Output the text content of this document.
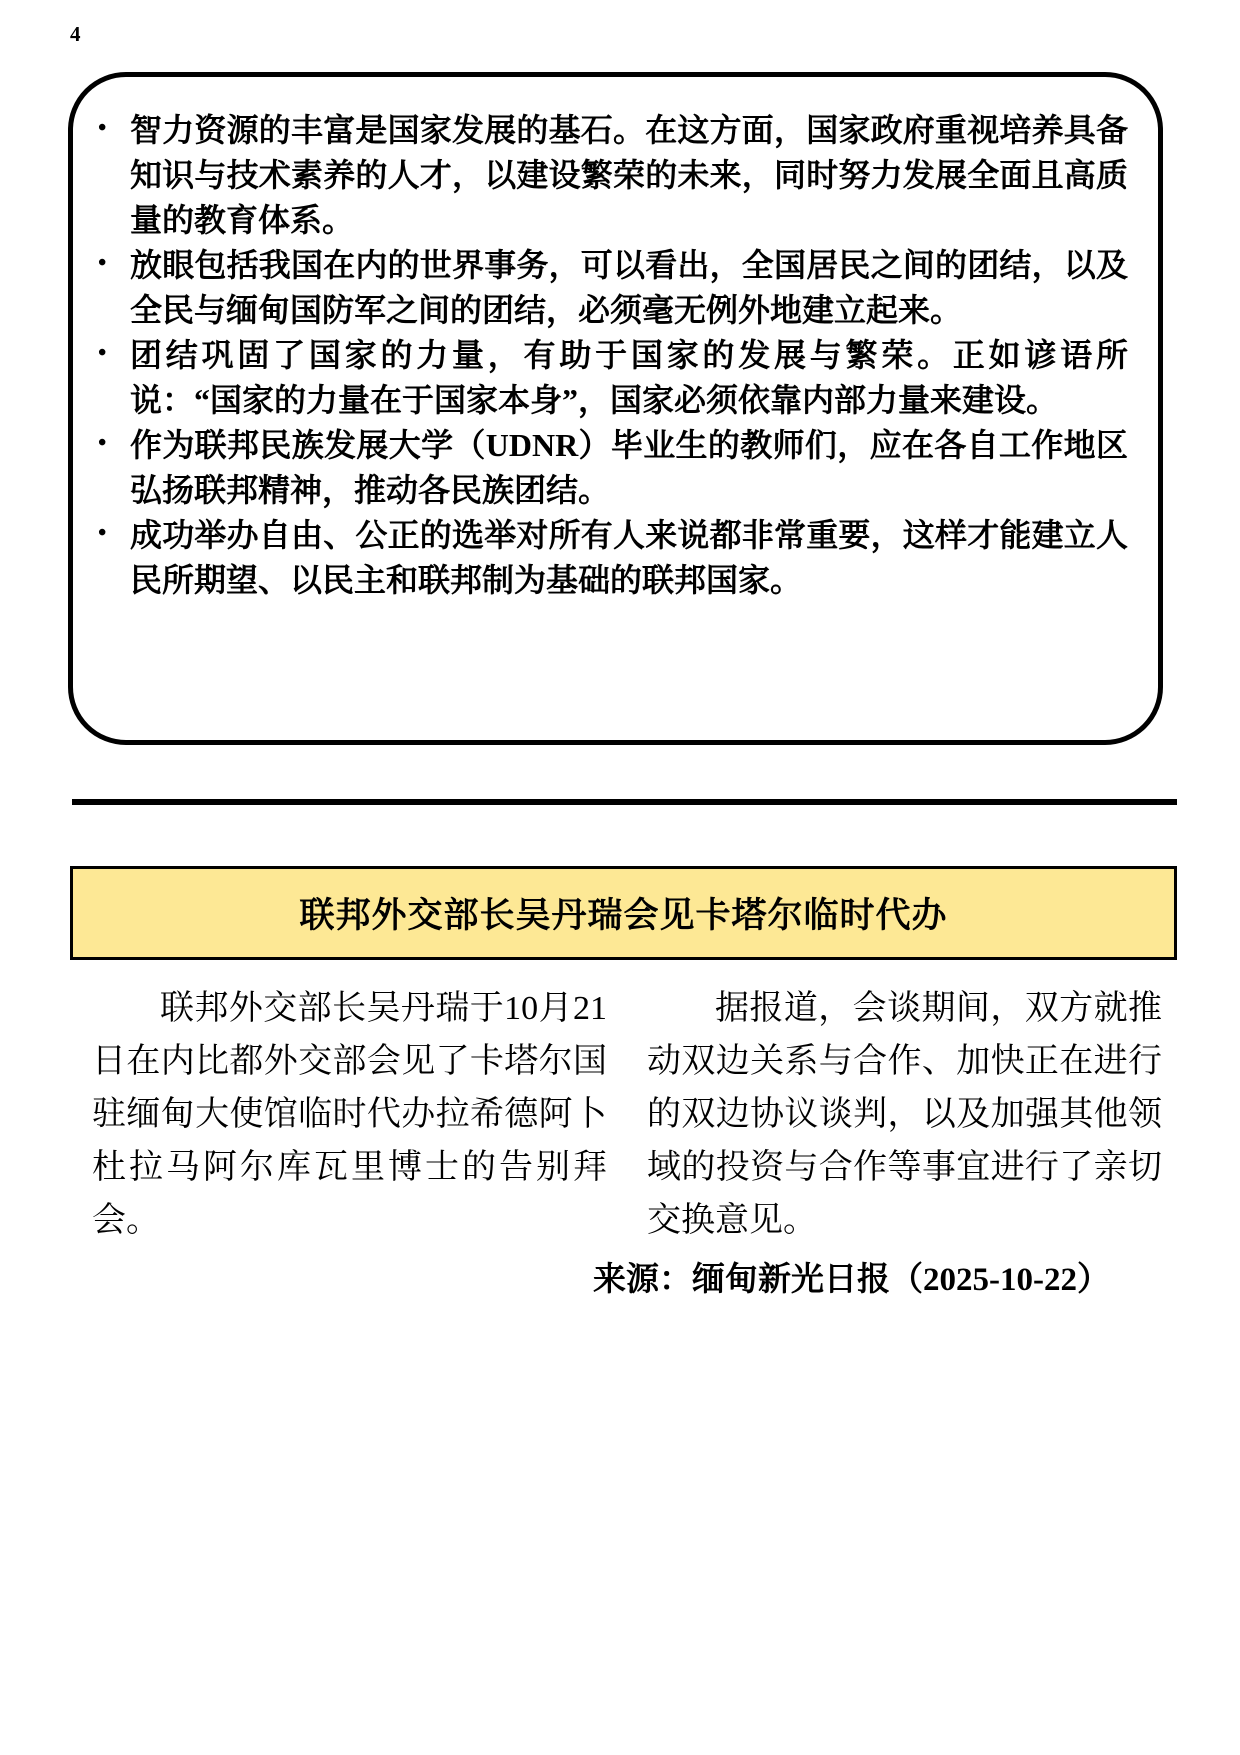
4
• 智力资源的丰富是国家发展的基石。在这方面，国家政府重视培养具备知识与技术素养的人才，以建设繁荣的未来，同时努力发展全面且高质量的教育体系。
• 放眼包括我国在内的世界事务，可以看出，全国居民之间的团结，以及全民与缅甸国防军之间的团结，必须毫无例外地建立起来。
• 团结巩固了国家的力量，有助于国家的发展与繁荣。正如谚语所说：“国家的力量在于国家本身”，国家必须依靠内部力量来建设。
• 作为联邦民族发展大学（UDNR）毕业生的教师们，应在各自工作地区弘扬联邦精神，推动各民族团结。
• 成功举办自由、公正的选举对所有人来说都非常重要，这样才能建立人民所期望、以民主和联邦制为基础的联邦国家。
联邦外交部长吴丹瑞会见卡塔尔临时代办

联邦外交部长吴丹瑞于10月21日在内比都外交部会见了卡塔尔国驻缅甸大使馆临时代办拉希德阿卜杜拉马阿尔库瓦里博士的告别拜会。

据报道，会谈期间，双方就推动双边关系与合作、加快正在进行的双边协议谈判，以及加强其他领域的投资与合作等事宜进行了亲切交换意见。

来源：缅甸新光日报（2025-10-22）
